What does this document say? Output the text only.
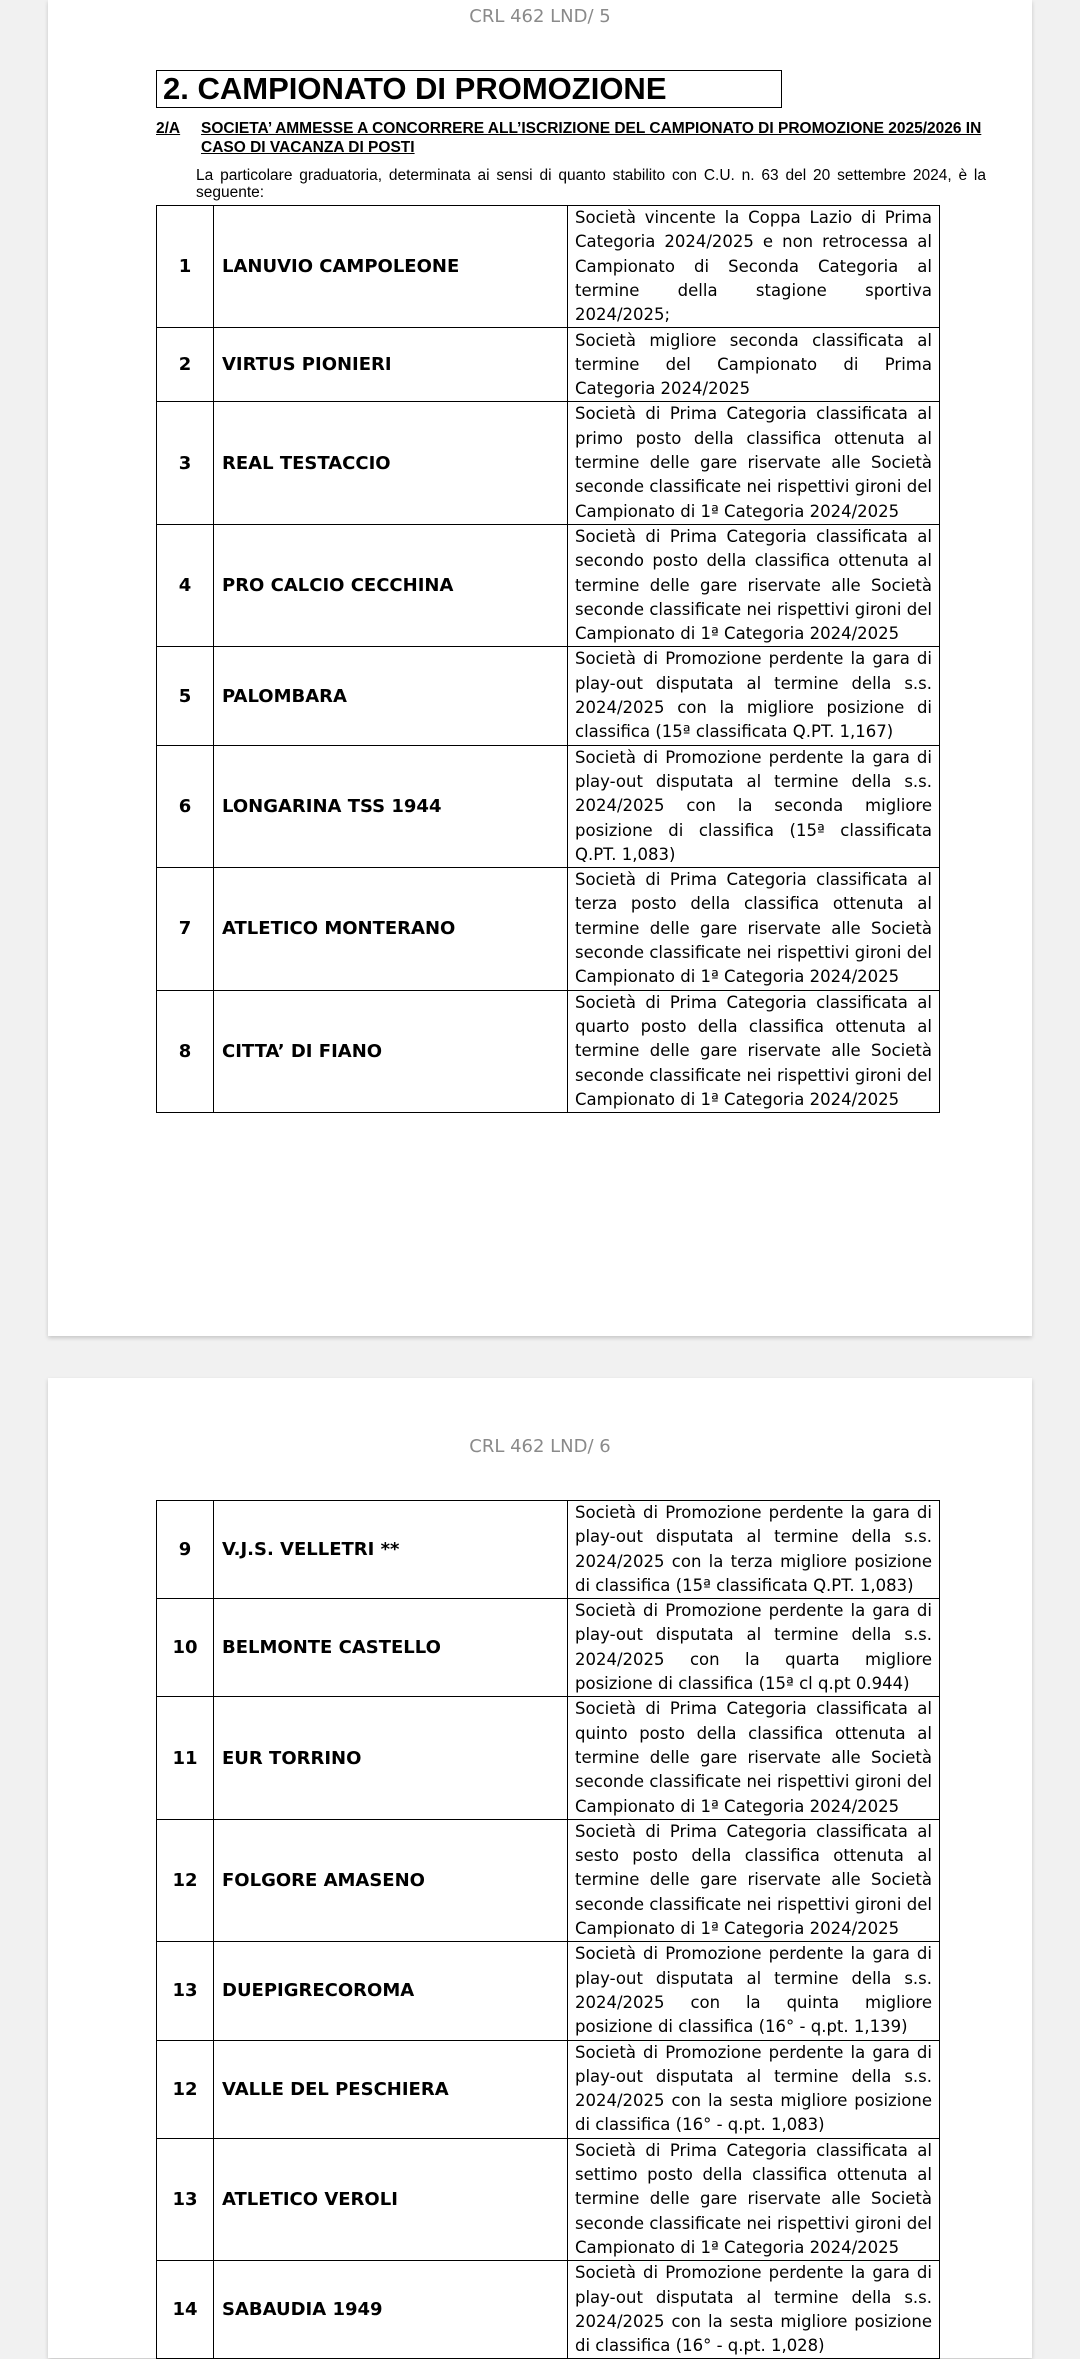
CRL 462 LND/ 5
2. CAMPIONATO DI PROMOZIONE
2/A SOCIETA’ AMMESSE A CONCORRERE ALL’ISCRIZIONE DEL CAMPIONATO DI PROMOZIONE 2025/2026 IN CASO DI VACANZA DI POSTI
La particolare graduatoria, determinata ai sensi di quanto stabilito con C.U. n. 63 del 20 settembre 2024, è la seguente:
1	LANUVIO CAMPOLEONE	Società vincente la Coppa Lazio di Prima Categoria 2024/2025 e non retrocessa al Campionato di Seconda Categoria al termine della stagione sportiva 2024/2025;
2	VIRTUS PIONIERI	Società migliore seconda classificata al termine del Campionato di Prima Categoria 2024/2025
3	REAL TESTACCIO	Società di Prima Categoria classificata al primo posto della classifica ottenuta al termine delle gare riservate alle Società seconde classificate nei rispettivi gironi del Campionato di 1ª Categoria 2024/2025
4	PRO CALCIO CECCHINA	Società di Prima Categoria classificata al secondo posto della classifica ottenuta al termine delle gare riservate alle Società seconde classificate nei rispettivi gironi del Campionato di 1ª Categoria 2024/2025
5	PALOMBARA	Società di Promozione perdente la gara di play-out disputata al termine della s.s. 2024/2025 con la migliore posizione di classifica (15ª classificata Q.PT. 1,167)
6	LONGARINA TSS 1944	Società di Promozione perdente la gara di play-out disputata al termine della s.s. 2024/2025 con la seconda migliore posizione di classifica (15ª classificata Q.PT. 1,083)
7	ATLETICO MONTERANO	Società di Prima Categoria classificata al terza posto della classifica ottenuta al termine delle gare riservate alle Società seconde classificate nei rispettivi gironi del Campionato di 1ª Categoria 2024/2025
8	CITTA’ DI FIANO	Società di Prima Categoria classificata al quarto posto della classifica ottenuta al termine delle gare riservate alle Società seconde classificate nei rispettivi gironi del Campionato di 1ª Categoria 2024/2025
CRL 462 LND/ 6
9	V.J.S. VELLETRI **	Società di Promozione perdente la gara di play-out disputata al termine della s.s. 2024/2025 con la terza migliore posizione di classifica (15ª classificata Q.PT. 1,083)
10	BELMONTE CASTELLO	Società di Promozione perdente la gara di play-out disputata al termine della s.s. 2024/2025 con la quarta migliore posizione di classifica (15ª cl q.pt 0.944)
11	EUR TORRINO	Società di Prima Categoria classificata al quinto posto della classifica ottenuta al termine delle gare riservate alle Società seconde classificate nei rispettivi gironi del Campionato di 1ª Categoria 2024/2025
12	FOLGORE AMASENO	Società di Prima Categoria classificata al sesto posto della classifica ottenuta al termine delle gare riservate alle Società seconde classificate nei rispettivi gironi del Campionato di 1ª Categoria 2024/2025
13	DUEPIGRECOROMA	Società di Promozione perdente la gara di play-out disputata al termine della s.s. 2024/2025 con la quinta migliore posizione di classifica (16° - q.pt. 1,139)
12	VALLE DEL PESCHIERA	Società di Promozione perdente la gara di play-out disputata al termine della s.s. 2024/2025 con la sesta migliore posizione di classifica (16° - q.pt. 1,083)
13	ATLETICO VEROLI	Società di Prima Categoria classificata al settimo posto della classifica ottenuta al termine delle gare riservate alle Società seconde classificate nei rispettivi gironi del Campionato di 1ª Categoria 2024/2025
14	SABAUDIA 1949	Società di Promozione perdente la gara di play-out disputata al termine della s.s. 2024/2025 con la sesta migliore posizione di classifica (16° - q.pt. 1,028)
